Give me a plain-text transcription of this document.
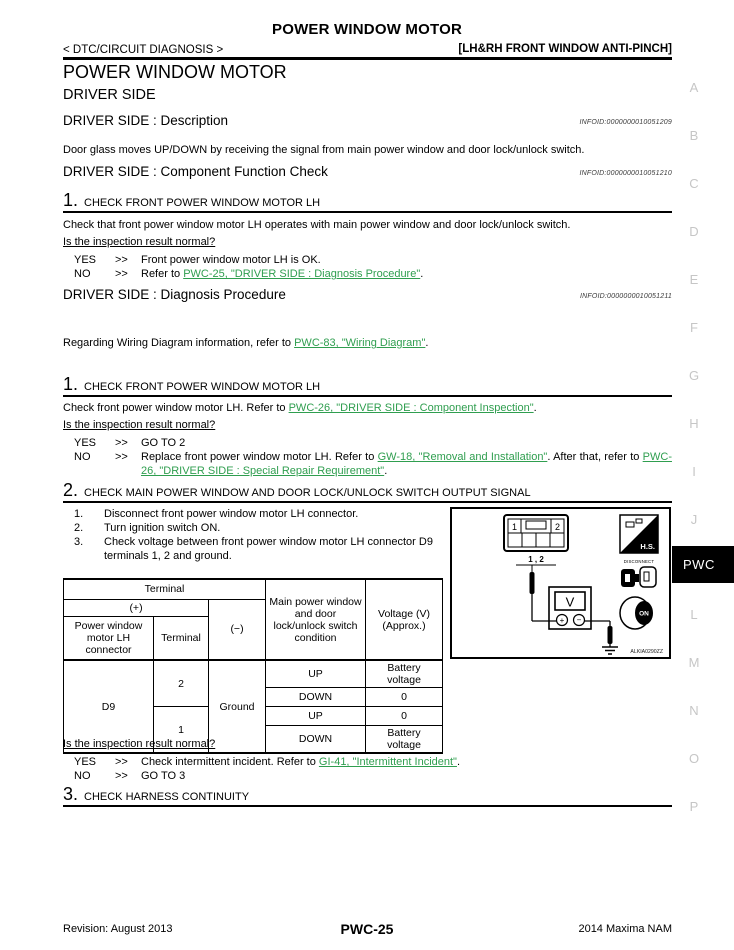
POWER WINDOW MOTOR
< DTC/CIRCUIT DIAGNOSIS >	[LH&RH FRONT WINDOW ANTI-PINCH]
POWER WINDOW MOTOR
DRIVER SIDE
DRIVER SIDE : Description	INFOID:0000000010051209
Door glass moves UP/DOWN by receiving the signal from main power window and door lock/unlock switch.
DRIVER SIDE : Component Function Check	INFOID:0000000010051210
1. CHECK FRONT POWER WINDOW MOTOR LH
Check that front power window motor LH operates with main power window and door lock/unlock switch.
Is the inspection result normal?
YES	>>	Front power window motor LH is OK.
NO	>>	Refer to PWC-25, "DRIVER SIDE : Diagnosis Procedure".
DRIVER SIDE : Diagnosis Procedure	INFOID:0000000010051211
Regarding Wiring Diagram information, refer to PWC-83, "Wiring Diagram".
1. CHECK FRONT POWER WINDOW MOTOR LH
Check front power window motor LH. Refer to PWC-26, "DRIVER SIDE : Component Inspection".
Is the inspection result normal?
YES	>>	GO TO 2
NO	>>	Replace front power window motor LH. Refer to GW-18, "Removal and Installation". After that, refer to PWC-26, "DRIVER SIDE : Special Repair Requirement".
2. CHECK MAIN POWER WINDOW AND DOOR LOCK/UNLOCK SWITCH OUTPUT SIGNAL
1.	Disconnect front power window motor LH connector.
2.	Turn ignition switch ON.
3.	Check voltage between front power window motor LH connector D9 terminals 1, 2 and ground.
1	2
1 , 2
V
+ −
H.S.
DISCONNECT
ON
ALKIA0290ZZ
Terminal			Main power window and door lock/unlock switch condition	Voltage (V) (Approx.)
(+)		(−)		
Power window motor LH connector	Terminal			
D9	2	Ground	UP	Battery voltage
			DOWN	0
	1		UP	0
			DOWN	Battery voltage
Is the inspection result normal?
YES	>>	Check intermittent incident. Refer to GI-41, "Intermittent Incident".
NO	>>	GO TO 3
3. CHECK HARNESS CONTINUITY
A
B
C
D
E
F
G
H
I
J
PWC
L
M
N
O
P
Revision: August 2013	PWC-25	2014 Maxima NAM
